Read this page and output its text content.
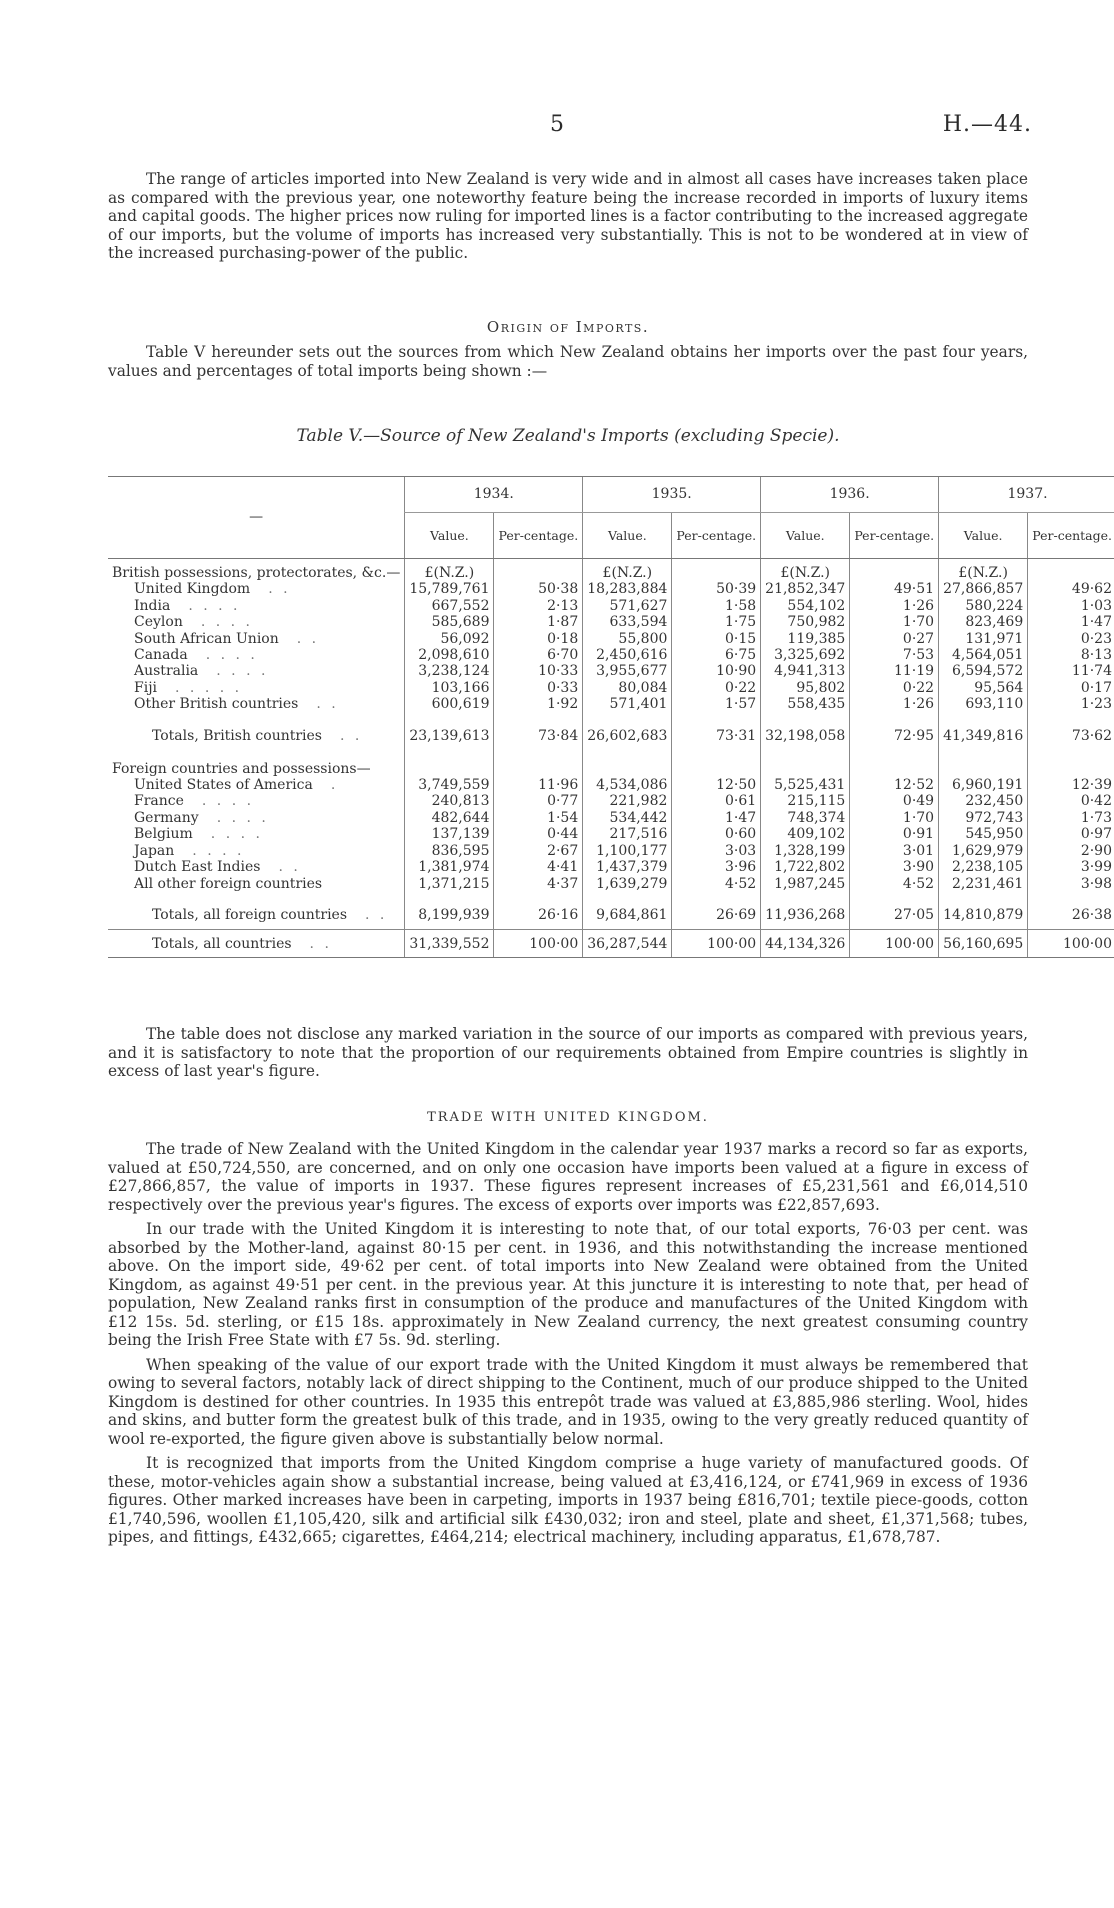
5	H.—44.

The range of articles imported into New Zealand is very wide and in almost all cases have increases taken place as compared with the previous year, one noteworthy feature being the increase recorded in imports of luxury items and capital goods. The higher prices now ruling for imported lines is a factor contributing to the increased aggregate of our imports, but the volume of imports has increased very substantially. This is not to be wondered at in view of the increased purchasing-power of the public.

Origin of Imports.

Table V hereunder sets out the sources from which New Zealand obtains her imports over the past four years, values and percentages of total imports being shown :—

Table V.—Source of New Zealand's Imports (excluding Specie).
—	1934.		1935.		1936.		1937.	
	Value.	Per-centage.	Value.	Per-centage.	Value.	Per-centage.	Value.	Per-centage.
British possessions, protectorates, &c.—	£(N.Z.)		£(N.Z.)		£(N.Z.)		£(N.Z.)	
United Kingdom . .	15,789,761	50·38	18,283,884	50·39	21,852,347	49·51	27,866,857	49·62
India . . . .	667,552	2·13	571,627	1·58	554,102	1·26	580,224	1·03
Ceylon . . . .	585,689	1·87	633,594	1·75	750,982	1·70	823,469	1·47
South African Union . .	56,092	0·18	55,800	0·15	119,385	0·27	131,971	0·23
Canada . . . .	2,098,610	6·70	2,450,616	6·75	3,325,692	7·53	4,564,051	8·13
Australia . . . .	3,238,124	10·33	3,955,677	10·90	4,941,313	11·19	6,594,572	11·74
Fiji . . . . .	103,166	0·33	80,084	0·22	95,802	0·22	95,564	0·17
Other British countries . .	600,619	1·92	571,401	1·57	558,435	1·26	693,110	1·23

Totals, British countries . .	23,139,613	73·84	26,602,683	73·31	32,198,058	72·95	41,349,816	73·62

Foreign countries and possessions—								
United States of America .	3,749,559	11·96	4,534,086	12·50	5,525,431	12·52	6,960,191	12·39
France . . . .	240,813	0·77	221,982	0·61	215,115	0·49	232,450	0·42
Germany . . . .	482,644	1·54	534,442	1·47	748,374	1·70	972,743	1·73
Belgium . . . .	137,139	0·44	217,516	0·60	409,102	0·91	545,950	0·97
Japan . . . .	836,595	2·67	1,100,177	3·03	1,328,199	3·01	1,629,979	2·90
Dutch East Indies . .	1,381,974	4·41	1,437,379	3·96	1,722,802	3·90	2,238,105	3·99
All other foreign countries	1,371,215	4·37	1,639,279	4·52	1,987,245	4·52	2,231,461	3·98

Totals, all foreign countries . .	8,199,939	26·16	9,684,861	26·69	11,936,268	27·05	14,810,879	26·38
Totals, all countries . .	31,339,552	100·00	36,287,544	100·00	44,134,326	100·00	56,160,695	100·00

The table does not disclose any marked variation in the source of our imports as compared with previous years, and it is satisfactory to note that the proportion of our requirements obtained from Empire countries is slightly in excess of last year's figure.

TRADE WITH UNITED KINGDOM.

The trade of New Zealand with the United Kingdom in the calendar year 1937 marks a record so far as exports, valued at £50,724,550, are concerned, and on only one occasion have imports been valued at a figure in excess of £27,866,857, the value of imports in 1937. These figures represent increases of £5,231,561 and £6,014,510 respectively over the previous year's figures. The excess of exports over imports was £22,857,693.

In our trade with the United Kingdom it is interesting to note that, of our total exports, 76·03 per cent. was absorbed by the Mother-land, against 80·15 per cent. in 1936, and this notwithstanding the increase mentioned above. On the import side, 49·62 per cent. of total imports into New Zealand were obtained from the United Kingdom, as against 49·51 per cent. in the previous year. At this juncture it is interesting to note that, per head of population, New Zealand ranks first in consumption of the produce and manufactures of the United Kingdom with £12 15s. 5d. sterling, or £15 18s. approximately in New Zealand currency, the next greatest consuming country being the Irish Free State with £7 5s. 9d. sterling.

When speaking of the value of our export trade with the United Kingdom it must always be remembered that owing to several factors, notably lack of direct shipping to the Continent, much of our produce shipped to the United Kingdom is destined for other countries. In 1935 this entrepôt trade was valued at £3,885,986 sterling. Wool, hides and skins, and butter form the greatest bulk of this trade, and in 1935, owing to the very greatly reduced quantity of wool re-exported, the figure given above is substantially below normal.

It is recognized that imports from the United Kingdom comprise a huge variety of manufactured goods. Of these, motor-vehicles again show a substantial increase, being valued at £3,416,124, or £741,969 in excess of 1936 figures. Other marked increases have been in carpeting, imports in 1937 being £816,701; textile piece-goods, cotton £1,740,596, woollen £1,105,420, silk and artificial silk £430,032; iron and steel, plate and sheet, £1,371,568; tubes, pipes, and fittings, £432,665; cigarettes, £464,214; electrical machinery, including apparatus, £1,678,787.
